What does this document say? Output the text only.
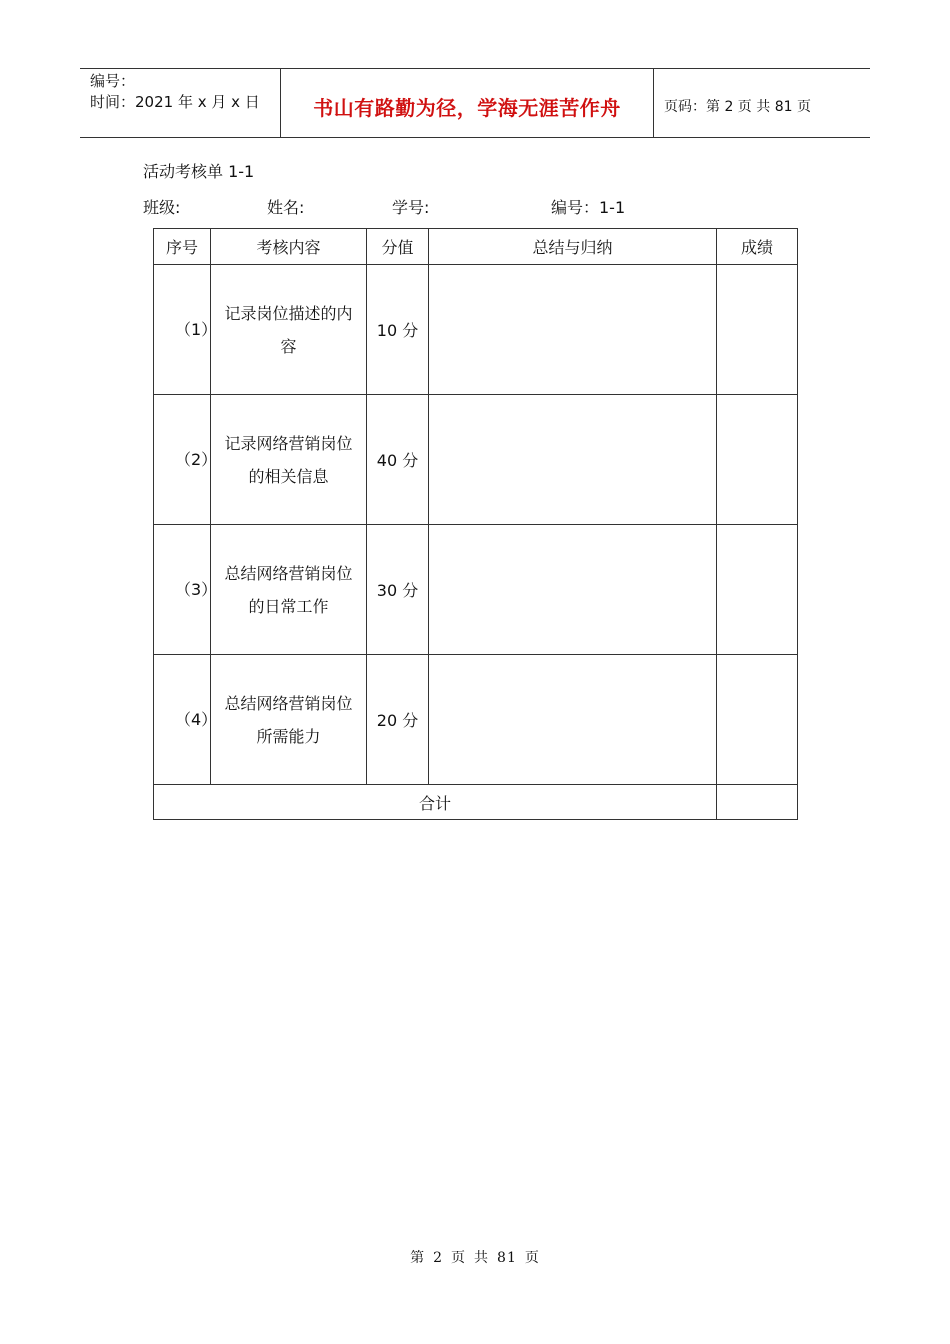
编号：
时间：2021 年 x 月 x 日	书山有路勤为径，学海无涯苦作舟	页码：第 2 页 共 81 页
活动考核单 1-1
班级:	姓名:	学号:	编号：1-1
序号	考核内容	分值	总结与归纳	成绩
（1）	记录岗位描述的内容	10 分		
（2）	记录网络营销岗位的相关信息	40 分		
（3）	总结网络营销岗位的日常工作	30 分		
（4）	总结网络营销岗位所需能力	20 分		
合计				
第 2 页 共 81 页
